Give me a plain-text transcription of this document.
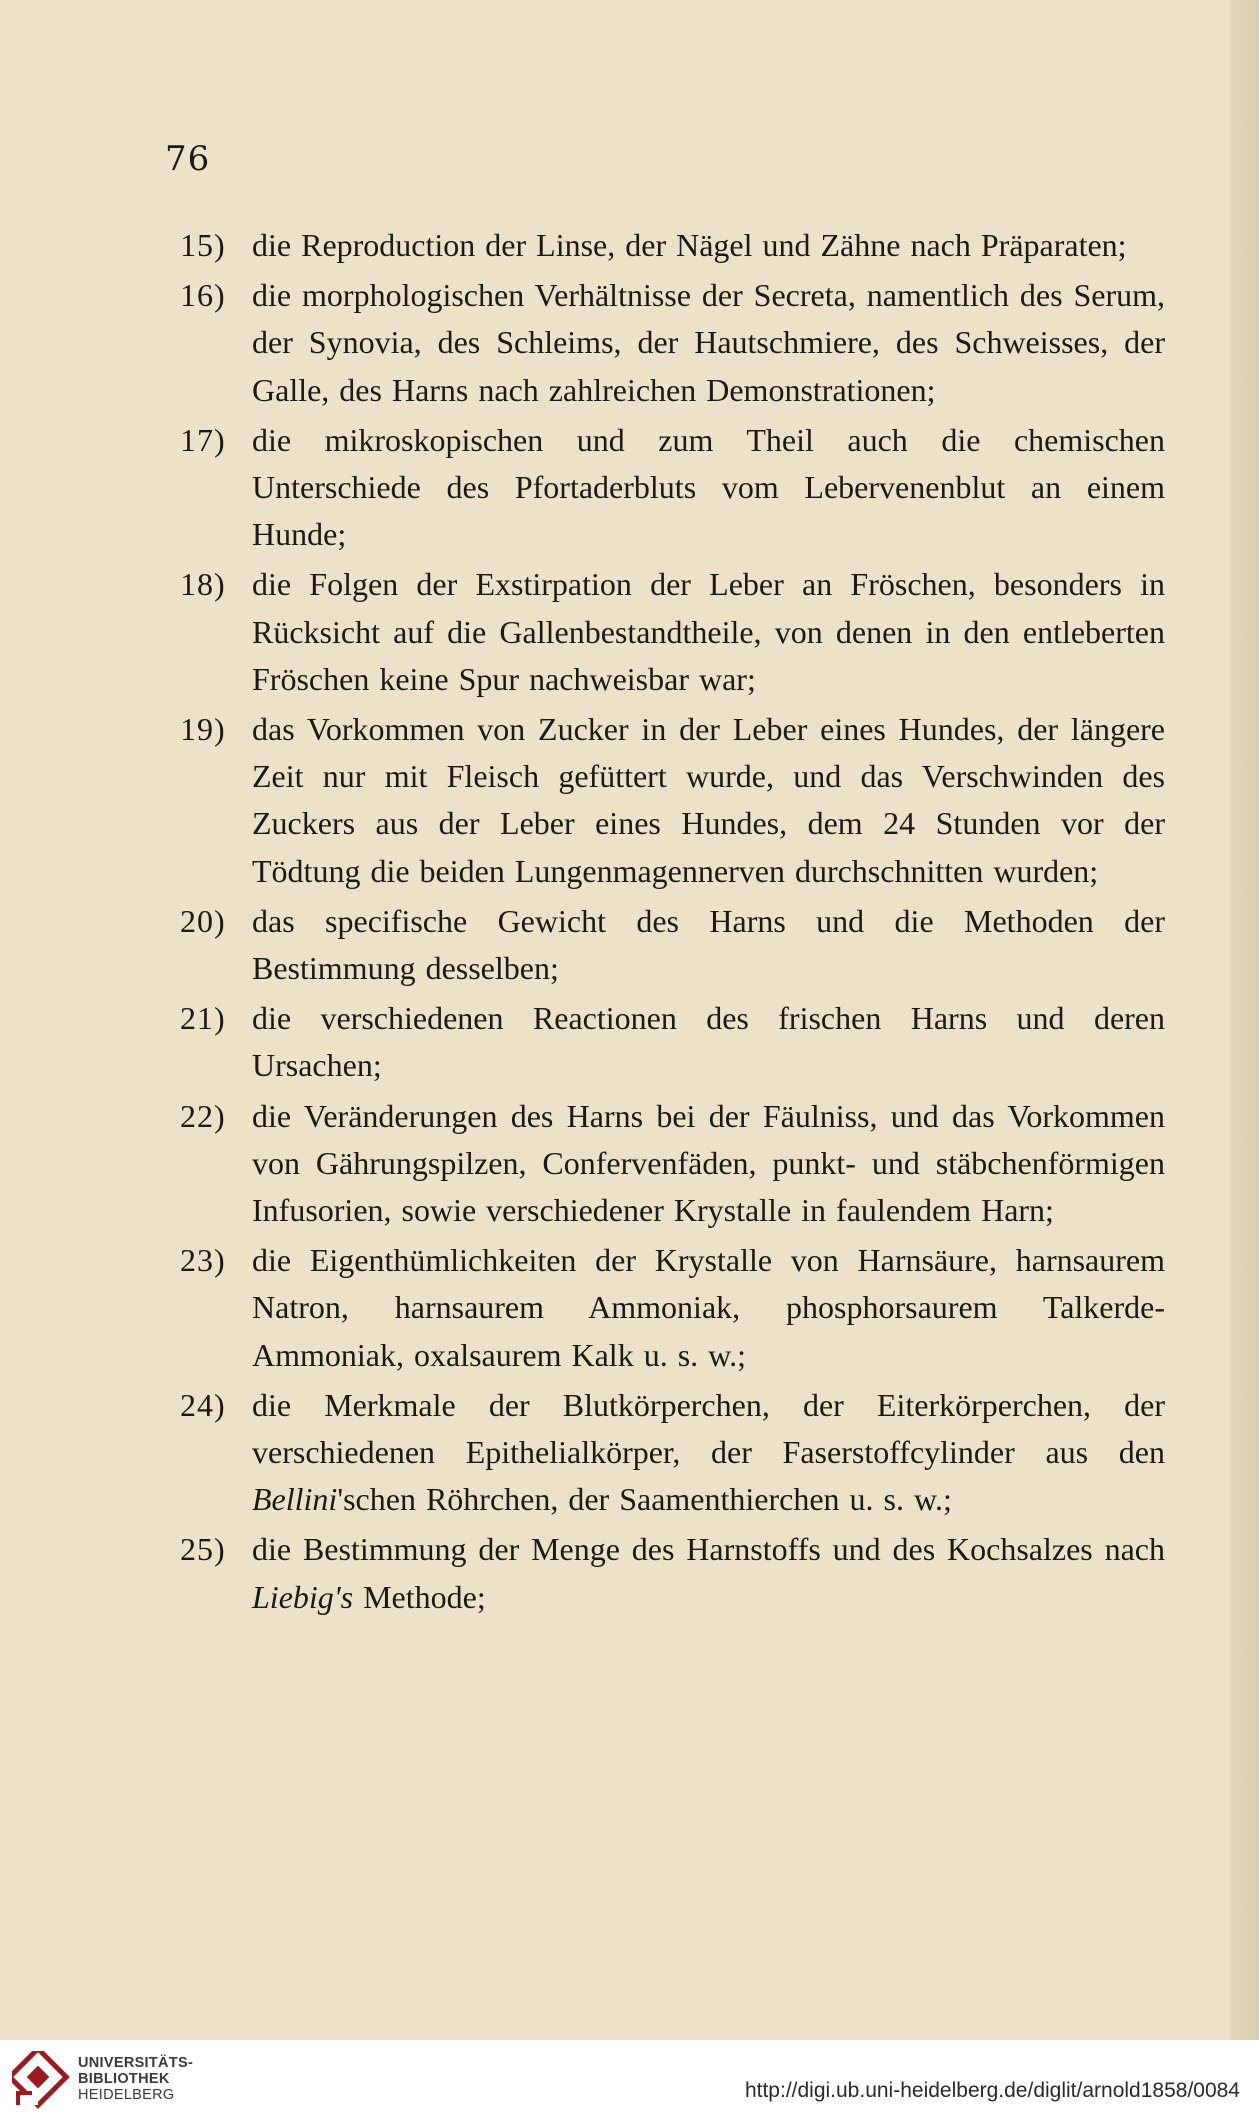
76
15) die Reproduction der Linse, der Nägel und Zähne nach Präparaten;
16) die morphologischen Verhältnisse der Secreta, namentlich des Serum, der Synovia, des Schleims, der Hautschmiere, des Schweisses, der Galle, des Harns nach zahlreichen Demonstrationen;
17) die mikroskopischen und zum Theil auch die chemischen Unterschiede des Pfortaderbluts vom Lebervenenblut an einem Hunde;
18) die Folgen der Exstirpation der Leber an Fröschen, besonders in Rücksicht auf die Gallenbestandtheile, von denen in den entleberten Fröschen keine Spur nachweisbar war;
19) das Vorkommen von Zucker in der Leber eines Hundes, der längere Zeit nur mit Fleisch gefüttert wurde, und das Verschwinden des Zuckers aus der Leber eines Hundes, dem 24 Stunden vor der Tödtung die beiden Lungenmagennerven durchschnitten wurden;
20) das specifische Gewicht des Harns und die Methoden der Bestimmung desselben;
21) die verschiedenen Reactionen des frischen Harns und deren Ursachen;
22) die Veränderungen des Harns bei der Fäulniss, und das Vorkommen von Gährungspilzen, Confervenfäden, punkt- und stäbchenförmigen Infusorien, sowie verschiedener Krystalle in faulendem Harn;
23) die Eigenthümlichkeiten der Krystalle von Harnsäure, harnsaurem Natron, harnsaurem Ammoniak, phosphorsaurem Talkerde-Ammoniak, oxalsaurem Kalk u. s. w.;
24) die Merkmale der Blutkörperchen, der Eiterkörperchen, der verschiedenen Epithelialkörper, der Faserstoffcylinder aus den Bellini'schen Röhrchen, der Saamenthierchen u. s. w.;
25) die Bestimmung der Menge des Harnstoffs und des Kochsalzes nach Liebig's Methode;
UNIVERSITÄTS-
BIBLIOTHEK
HEIDELBERG	http://digi.ub.uni-heidelberg.de/diglit/arnold1858/0084
